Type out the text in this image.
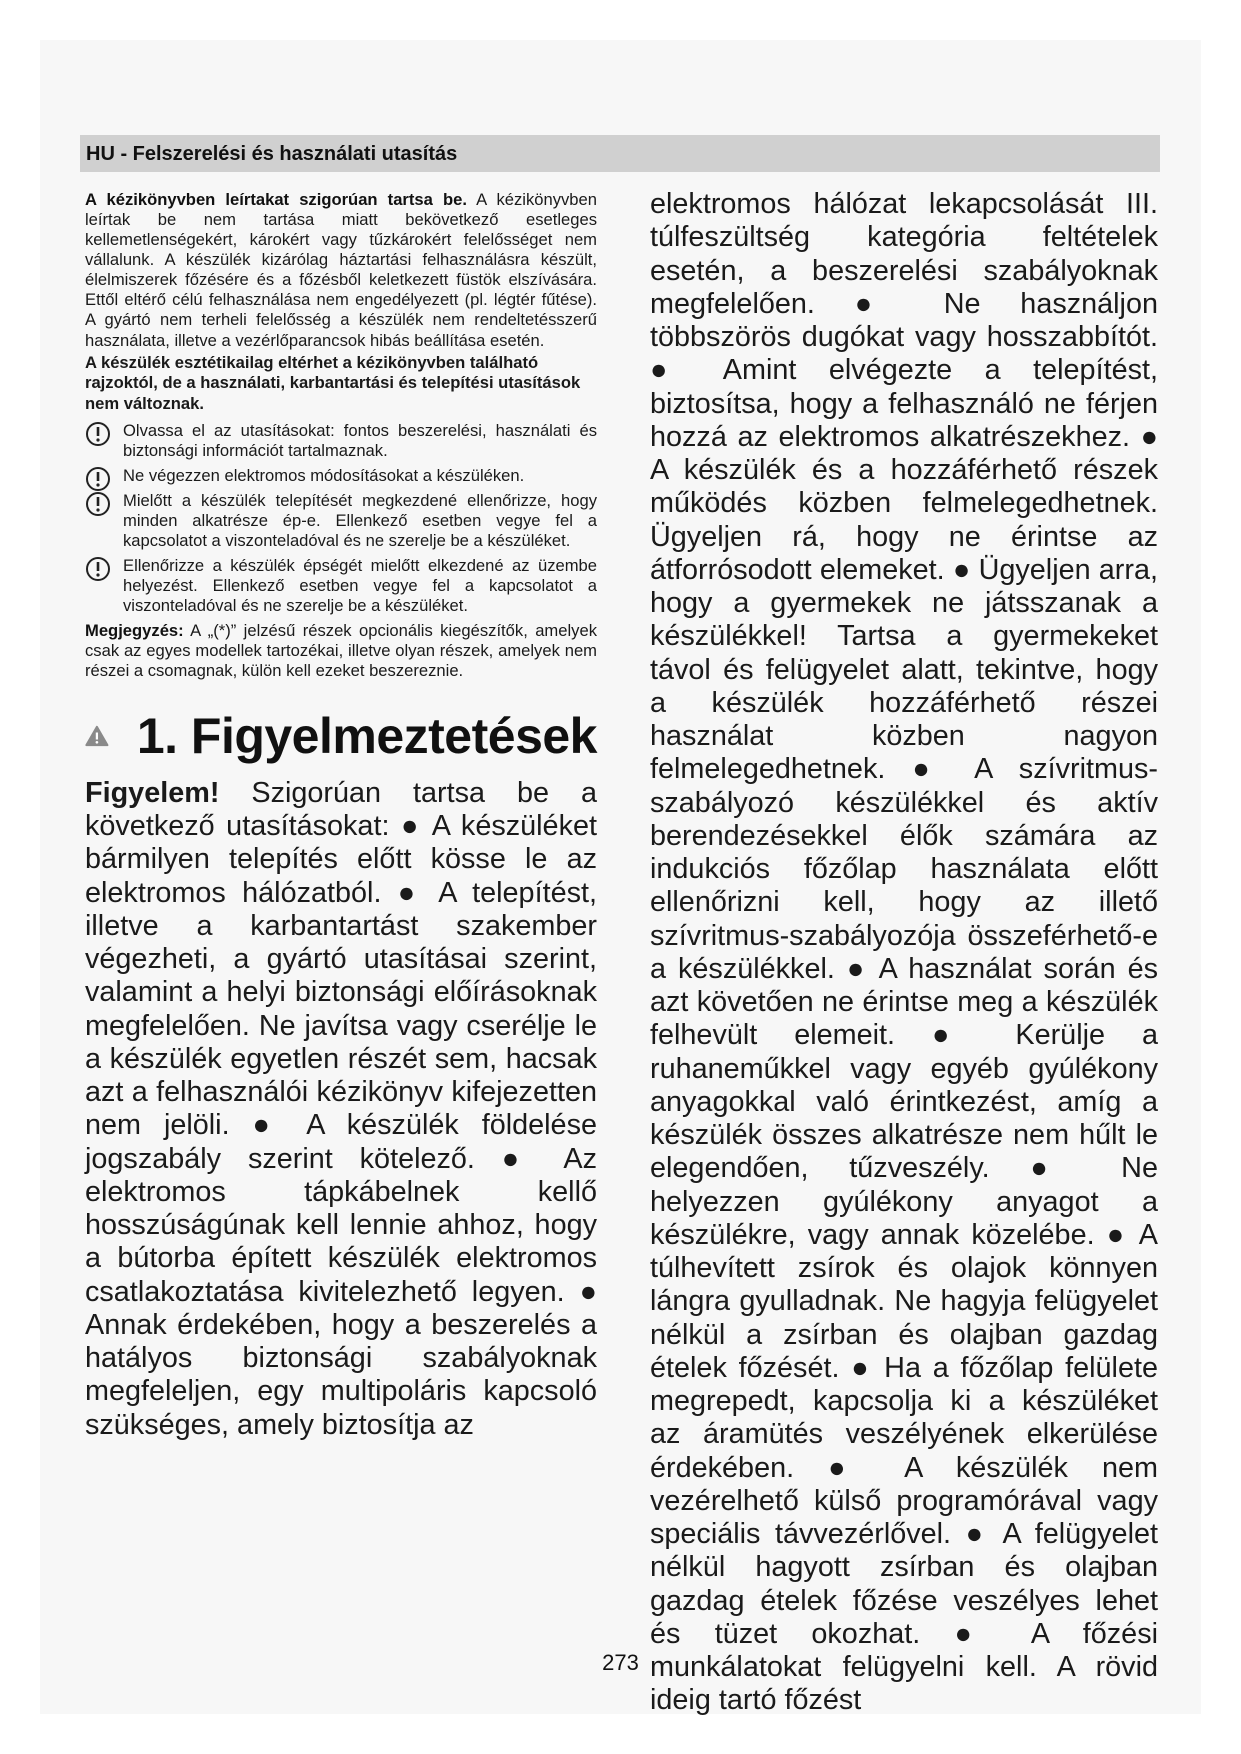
HU - Felszerelési és használati utasítás

A kézikönyvben leírtakat szigorúan tartsa be. A kézikönyvben leírtak be nem tartása miatt bekövetkező esetleges kellemetlenségekért, károkért vagy tűzkárokért felelősséget nem vállalunk. A készülék kizárólag háztartási felhasználásra készült, élelmiszerek főzésére és a főzésből keletkezett füstök elszívására. Ettől eltérő célú felhasználása nem engedélyezett (pl. légtér fűtése). A gyártó nem terheli felelősség a készülék nem rendeltetésszerű használata, illetve a vezérlőparancsok hibás beállítása esetén.

A készülék esztétikailag eltérhet a kézikönyvben található rajzoktól, de a használati, karbantartási és telepítési utasítások nem változnak.

Olvassa el az utasításokat: fontos beszerelési, használati és biztonsági információt tartalmaznak.
Ne végezzen elektromos módosításokat a készüléken.
Mielőtt a készülék telepítését megkezdené ellenőrizze, hogy minden alkatrésze ép-e. Ellenkező esetben vegye fel a kapcsolatot a viszonteladóval és ne szerelje be a készüléket.
Ellenőrizze a készülék épségét mielőtt elkezdené az üzembe helyezést. Ellenkező esetben vegye fel a kapcsolatot a viszonteladóval és ne szerelje be a készüléket.

Megjegyzés: A „(*)” jelzésű részek opcionális kiegészítők, amelyek csak az egyes modellek tartozékai, illetve olyan részek, amelyek nem részei a csomagnak, külön kell ezeket beszereznie.

1. Figyelmeztetések

Figyelem! Szigorúan tartsa be a következő utasításokat: ● A készüléket bármilyen telepítés előtt kösse le az elektromos hálózatból. ● A telepítést, illetve a karbantartást szakember végezheti, a gyártó utasításai szerint, valamint a helyi biztonsági előírásoknak megfelelően. Ne javítsa vagy cserélje le a készülék egyetlen részét sem, hacsak azt a felhasználói kézikönyv kifejezetten nem jelöli. ● A készülék földelése jogszabály szerint kötelező. ● Az elektromos tápkábelnek kellő hosszúságúnak kell lennie ahhoz, hogy a bútorba épített készülék elektromos csatlakoztatása kivitelezhető legyen. ● Annak érdekében, hogy a beszerelés a hatályos biztonsági szabályoknak megfeleljen, egy multipoláris kapcsoló szükséges, amely biztosítja az

elektromos hálózat lekapcsolását III. túlfeszültség kategória feltételek esetén, a beszerelési szabályoknak megfelelően. ● Ne használjon többszörös dugókat vagy hosszabbítót. ● Amint elvégezte a telepítést, biztosítsa, hogy a felhasználó ne férjen hozzá az elektromos alkatrészekhez. ● A készülék és a hozzáférhető részek működés közben felmelegedhetnek. Ügyeljen rá, hogy ne érintse az átforrósodott elemeket. ● Ügyeljen arra, hogy a gyermekek ne játsszanak a készülékkel! Tartsa a gyermekeket távol és felügyelet alatt, tekintve, hogy a készülék hozzáférhető részei használat közben nagyon felmelegedhetnek. ● A szívritmus-szabályozó készülékkel és aktív berendezésekkel élők számára az indukciós főzőlap használata előtt ellenőrizni kell, hogy az illető szívritmus-szabályozója összeférhető-e a készülékkel. ● A használat során és azt követően ne érintse meg a készülék felhevült elemeit. ● Kerülje a ruhaneműkkel vagy egyéb gyúlékony anyagokkal való érintkezést, amíg a készülék összes alkatrésze nem hűlt le elegendően, tűzveszély. ● Ne helyezzen gyúlékony anyagot a készülékre, vagy annak közelébe. ● A túlhevített zsírok és olajok könnyen lángra gyulladnak. Ne hagyja felügyelet nélkül a zsírban és olajban gazdag ételek főzését. ● Ha a főzőlap felülete megrepedt, kapcsolja ki a készüléket az áramütés veszélyének elkerülése érdekében. ● A készülék nem vezérelhető külső programórával vagy speciális távvezérlővel. ● A felügyelet nélkül hagyott zsírban és olajban gazdag ételek főzése veszélyes lehet és tüzet okozhat. ● A főzési munkálatokat felügyelni kell. A rövid ideig tartó főzést

273
